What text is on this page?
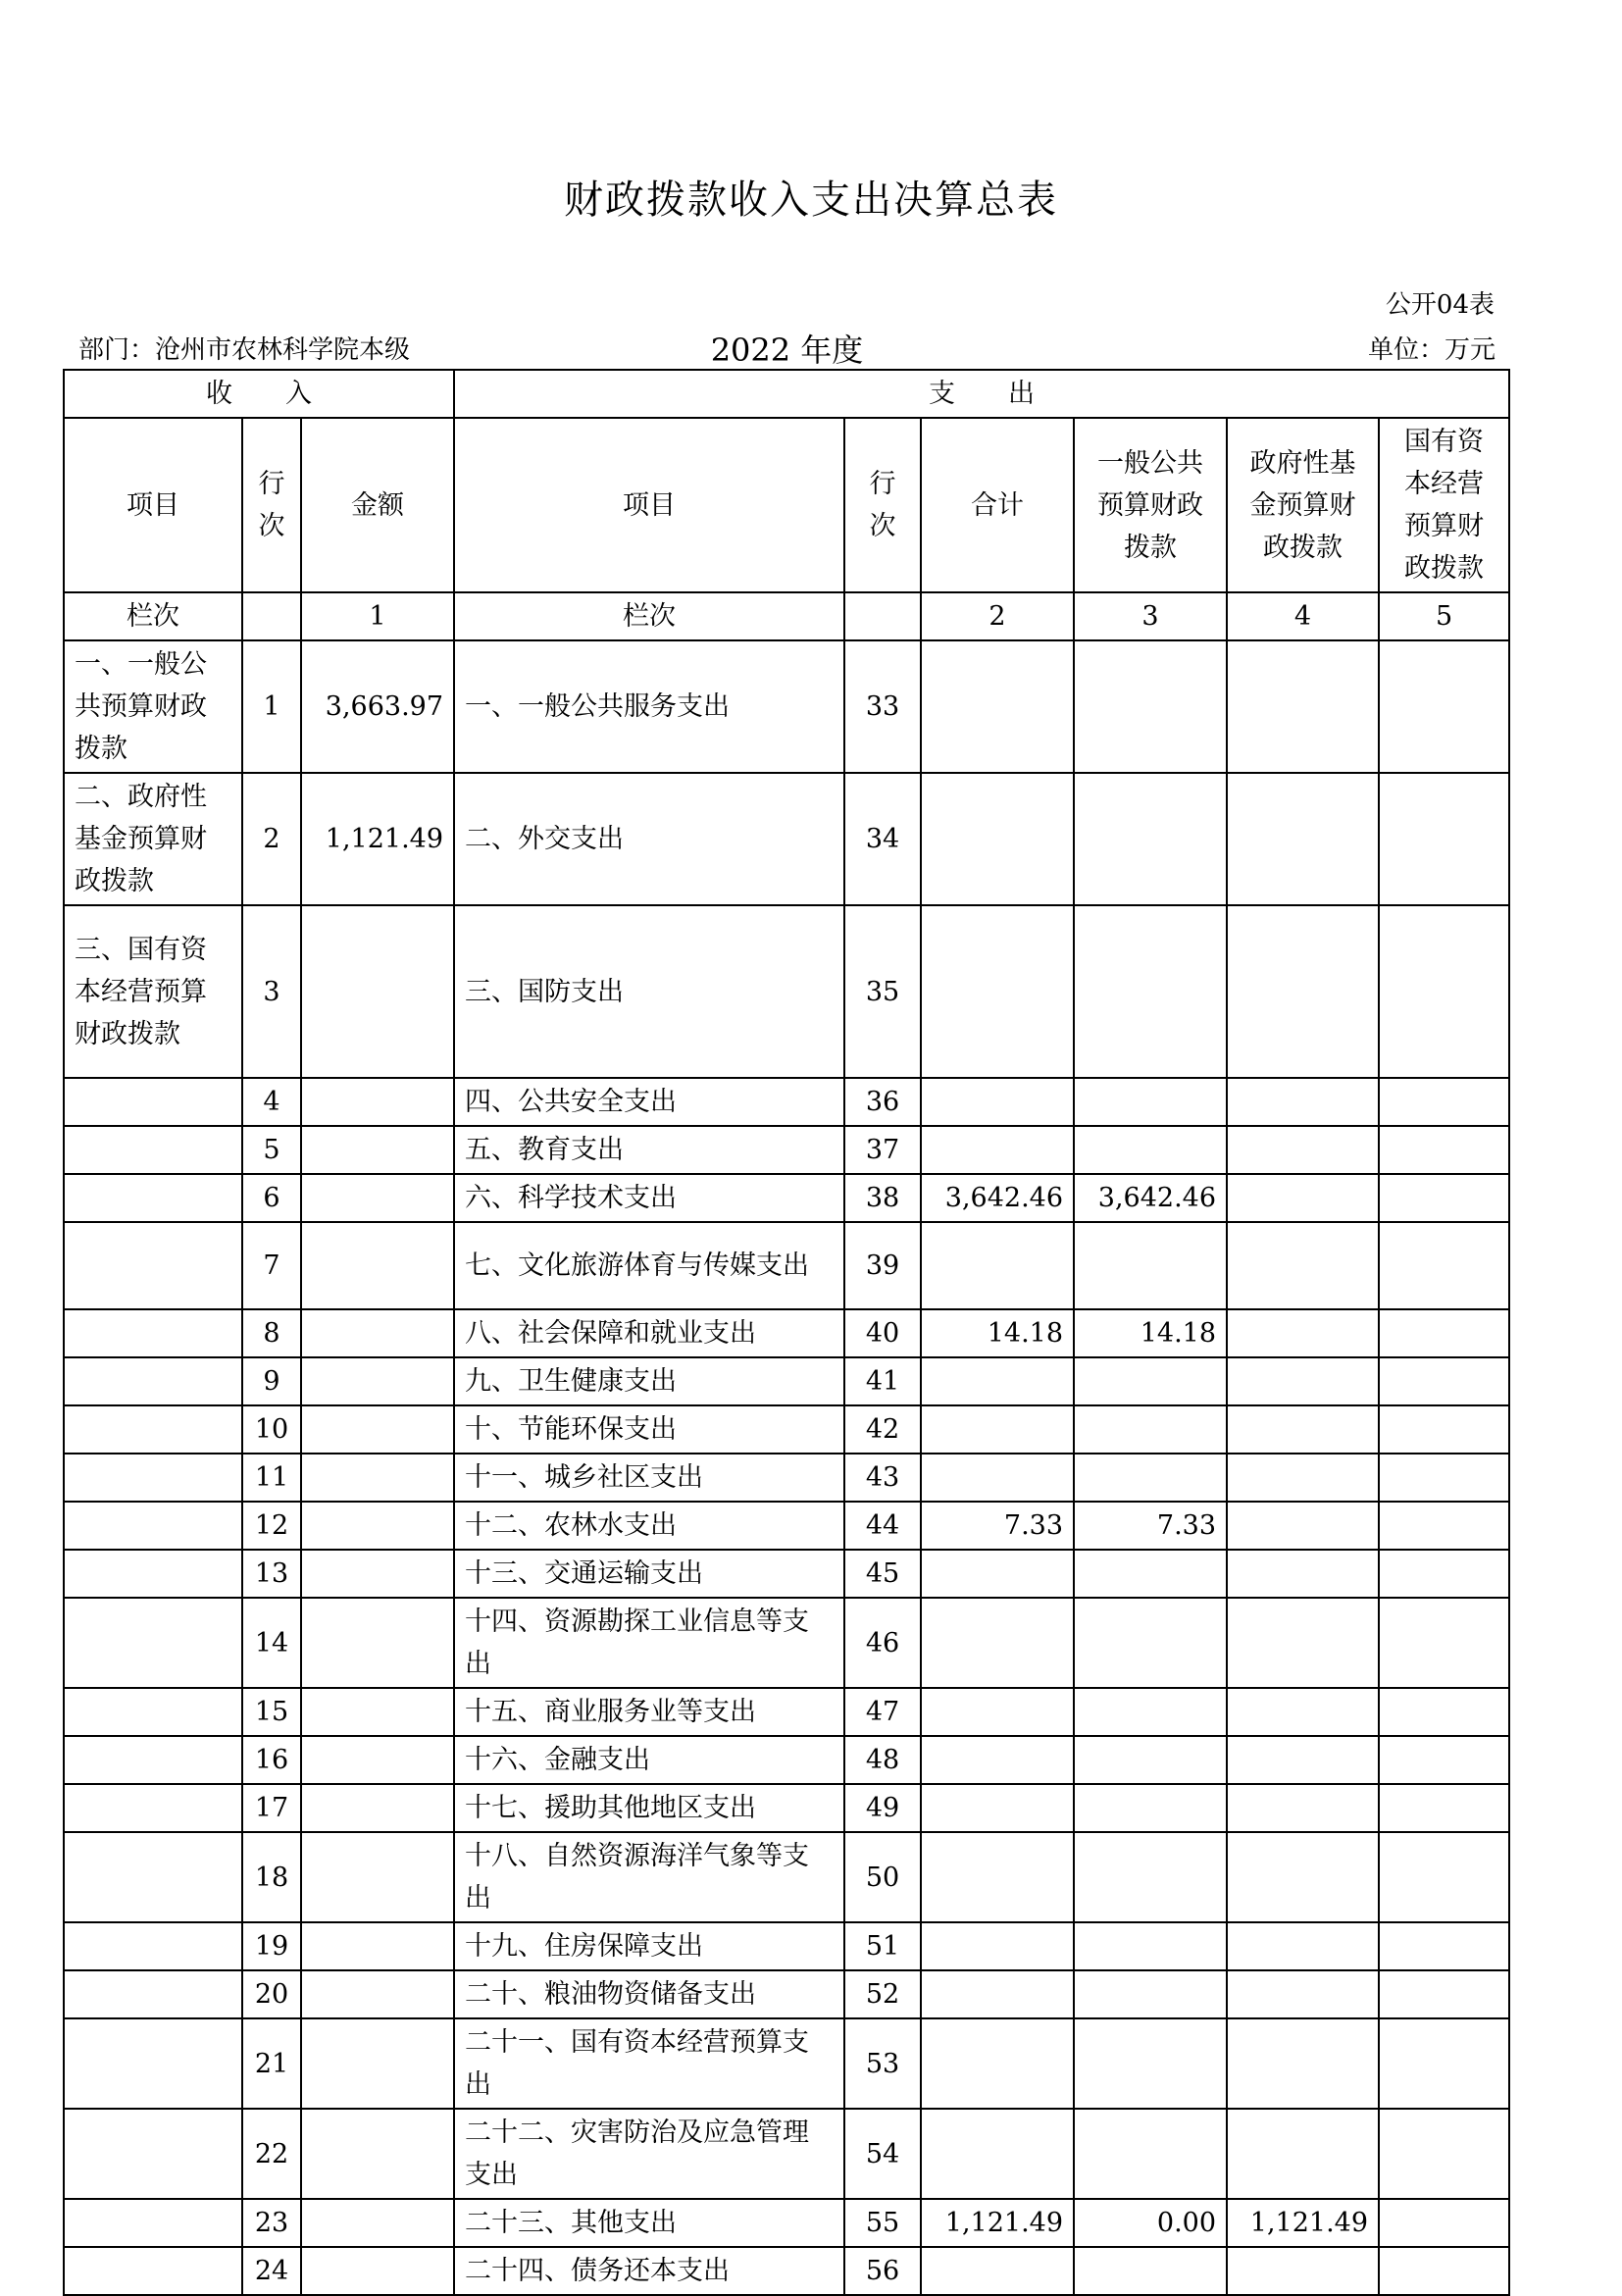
财政拨款收入支出决算总表
公开04表
部门：沧州市农林科学院本级	2022 年度	单位：万元
收　　入			支　　出					
项目	行次	金额	项目	行次	合计	一般公共预算财政拨款	政府性基金预算财政拨款	国有资本经营预算财政拨款
栏次		1	栏次		2	3	4	5
一、一般公共预算财政拨款	1	3,663.97	一、一般公共服务支出	33				
二、政府性基金预算财政拨款	2	1,121.49	二、外交支出	34				
三、国有资本经营预算财政拨款	3		三、国防支出	35				
	4		四、公共安全支出	36				
	5		五、教育支出	37				
	6		六、科学技术支出	38	3,642.46	3,642.46		
	7		七、文化旅游体育与传媒支出	39				
	8		八、社会保障和就业支出	40	14.18	14.18		
	9		九、卫生健康支出	41				
	10		十、节能环保支出	42				
	11		十一、城乡社区支出	43				
	12		十二、农林水支出	44	7.33	7.33		
	13		十三、交通运输支出	45				
	14		十四、资源勘探工业信息等支出	46				
	15		十五、商业服务业等支出	47				
	16		十六、金融支出	48				
	17		十七、援助其他地区支出	49				
	18		十八、自然资源海洋气象等支出	50				
	19		十九、住房保障支出	51				
	20		二十、粮油物资储备支出	52				
	21		二十一、国有资本经营预算支出	53				
	22		二十二、灾害防治及应急管理支出	54				
	23		二十三、其他支出	55	1,121.49	0.00	1,121.49	
	24		二十四、债务还本支出	56				
